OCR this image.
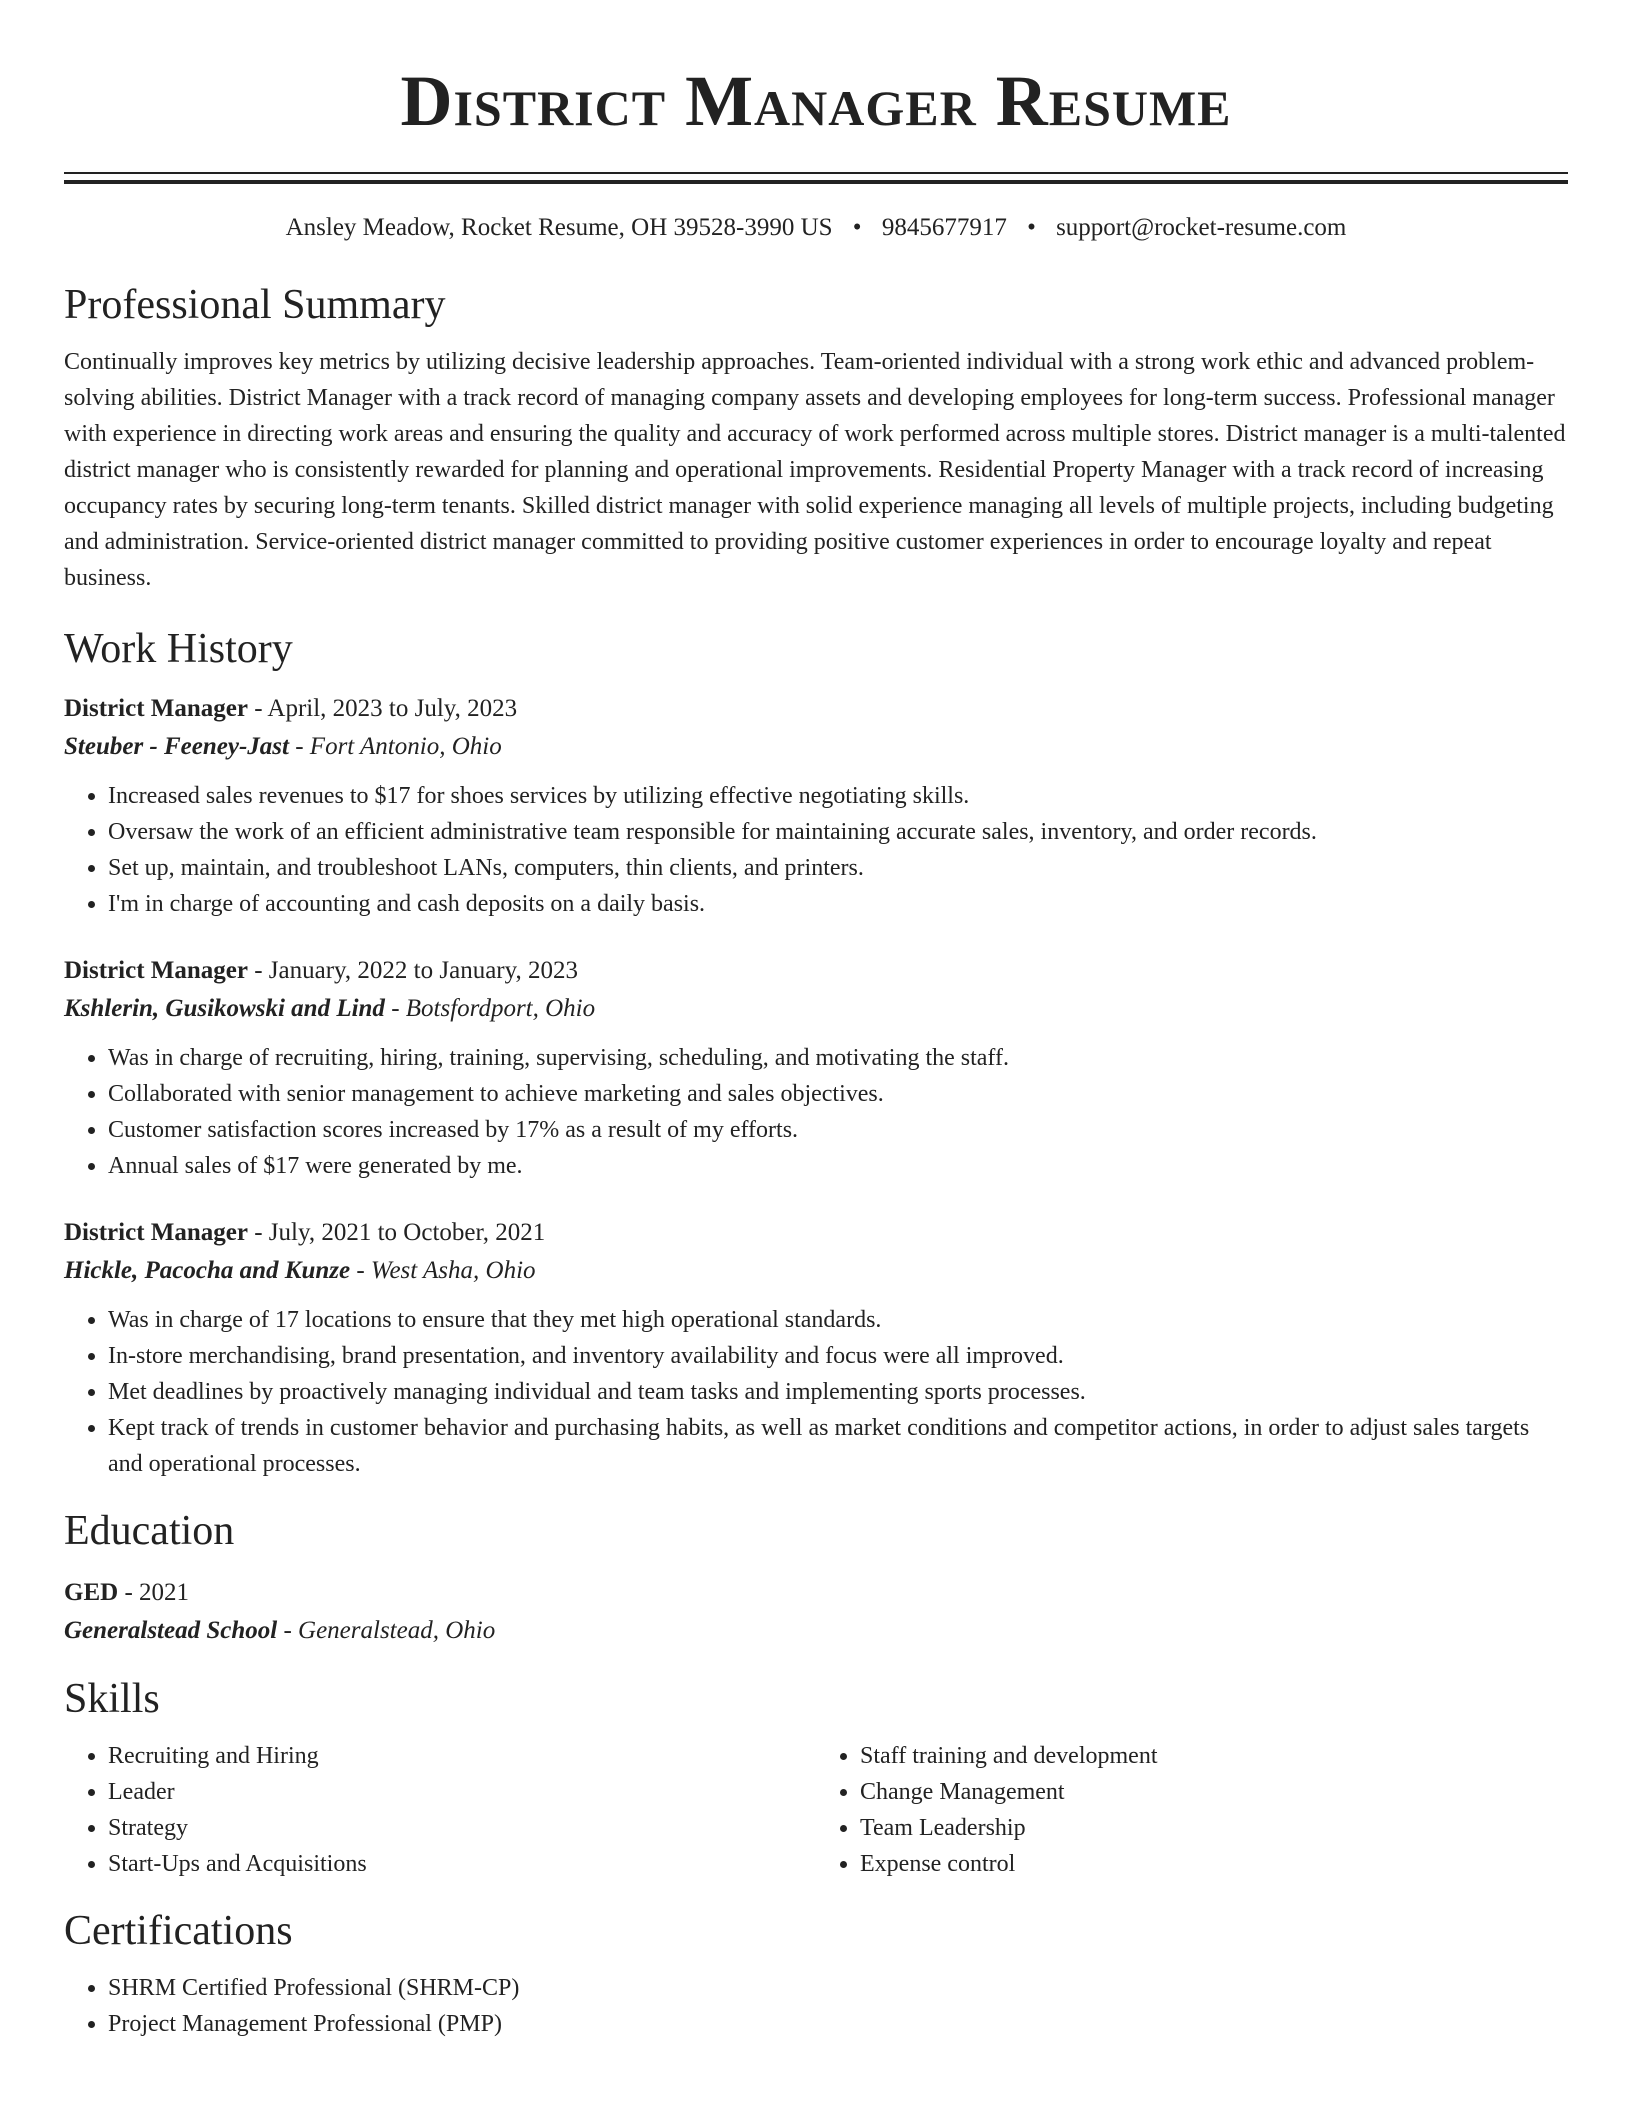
District Manager Resume
Ansley Meadow, Rocket Resume, OH 39528-3990 US • 9845677917 • support@rocket-resume.com
Professional Summary

Continually improves key metrics by utilizing decisive leadership approaches. Team-oriented individual with a strong work ethic and advanced problem-solving abilities. District Manager with a track record of managing company assets and developing employees for long-term success. Professional manager with experience in directing work areas and ensuring the quality and accuracy of work performed across multiple stores. District manager is a multi-talented district manager who is consistently rewarded for planning and operational improvements. Residential Property Manager with a track record of increasing occupancy rates by securing long-term tenants. Skilled district manager with solid experience managing all levels of multiple projects, including budgeting and administration. Service-oriented district manager committed to providing positive customer experiences in order to encourage loyalty and repeat business.

Work History
District Manager - April, 2023 to July, 2023
Steuber - Feeney-Jast - Fort Antonio, Ohio
• Increased sales revenues to $17 for shoes services by utilizing effective negotiating skills.
• Oversaw the work of an efficient administrative team responsible for maintaining accurate sales, inventory, and order records.
• Set up, maintain, and troubleshoot LANs, computers, thin clients, and printers.
• I'm in charge of accounting and cash deposits on a daily basis.
District Manager - January, 2022 to January, 2023
Kshlerin, Gusikowski and Lind - Botsfordport, Ohio
• Was in charge of recruiting, hiring, training, supervising, scheduling, and motivating the staff.
• Collaborated with senior management to achieve marketing and sales objectives.
• Customer satisfaction scores increased by 17% as a result of my efforts.
• Annual sales of $17 were generated by me.
District Manager - July, 2021 to October, 2021
Hickle, Pacocha and Kunze - West Asha, Ohio
• Was in charge of 17 locations to ensure that they met high operational standards.
• In-store merchandising, brand presentation, and inventory availability and focus were all improved.
• Met deadlines by proactively managing individual and team tasks and implementing sports processes.
• Kept track of trends in customer behavior and purchasing habits, as well as market conditions and competitor actions, in order to adjust sales targets and operational processes.
Education
GED - 2021
Generalstead School - Generalstead, Ohio
Skills
• Recruiting and Hiring
• Leader
• Strategy
• Start-Ups and Acquisitions
• Staff training and development
• Change Management
• Team Leadership
• Expense control
Certifications
• SHRM Certified Professional (SHRM-CP)
• Project Management Professional (PMP)
